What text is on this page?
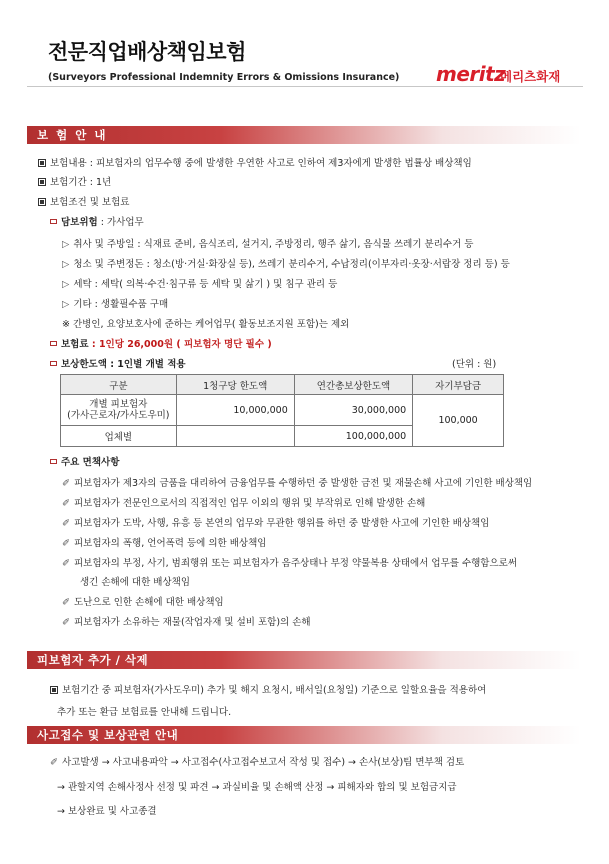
전문직업배상책임보험
(Surveyors Professional Indemnity Errors & Omissions Insurance) meritz
메리츠화재
보 험 안 내
보험내용 : 피보험자의 업무수행 중에 발생한 우연한 사고로 인하여 제3자에게 발생한 법률상 배상책임
보험기간 : 1년
보험조건 및 보험료
담보위험 : 가사업무
▷ 취사 및 주방일 : 식재료 준비, 음식조리, 설거지, 주방정리, 행주 삶기, 음식물 쓰레기 분리수거 등
▷ 청소 및 주변정돈 : 청소(방·거실·화장실 등), 쓰레기 분리수거, 수납정리(이부자리·옷장·서랍장 정리 등) 등
▷ 세탁 : 세탁( 의복·수건·침구류 등 세탁 및 삶기 ) 및 침구 관리 등
▷ 기타 : 생활필수품 구매
※ 간병인, 요양보호사에 준하는 케어업무( 활동보조지원 포함)는 제외
보험료 : 1인당 26,000원 ( 피보험자 명단 필수 )
보상한도액 : 1인별 개별 적용	(단위 : 원)
구분	1청구당 한도액	연간총보상한도액	자기부담금
개별 피보험자
(가사근로자/가사도우미)	10,000,000	30,000,000	100,000
업체별		100,000,000	
주요 면책사항
✐ 피보험자가 제3자의 금품을 대리하여 금융업무를 수행하던 중 발생한 금전 및 재물손해 사고에 기인한 배상책임
✐ 피보험자가 전문인으로서의 직접적인 업무 이외의 행위 및 부작위로 인해 발생한 손해
✐ 피보험자가 도박, 사행, 유흥 등 본연의 업무와 무관한 행위를 하던 중 발생한 사고에 기인한 배상책임
✐ 피보험자의 폭행, 언어폭력 등에 의한 배상책임
✐ 피보험자의 부정, 사기, 범죄행위 또는 피보험자가 음주상태나 부정 약물복용 상태에서 업무를 수행함으로써
생긴 손해에 대한 배상책임
✐ 도난으로 인한 손해에 대한 배상책임
✐ 피보험자가 소유하는 재물(작업자재 및 설비 포함)의 손해
피보험자 추가 / 삭제
보험기간 중 피보험자(가사도우미) 추가 및 해지 요청시, 배서일(요청일) 기준으로 일할요율을 적용하여
추가 또는 환급 보험료를 안내해 드립니다.
사고접수 및 보상관련 안내
✐ 사고발생 → 사고내용파악 → 사고접수(사고접수보고서 작성 및 접수) → 손사(보상)팀 면부책 검토
→ 관할지역 손해사정사 선정 및 파견 → 과실비율 및 손해액 산정 → 피해자와 합의 및 보험금지급
→ 보상완료 및 사고종결
